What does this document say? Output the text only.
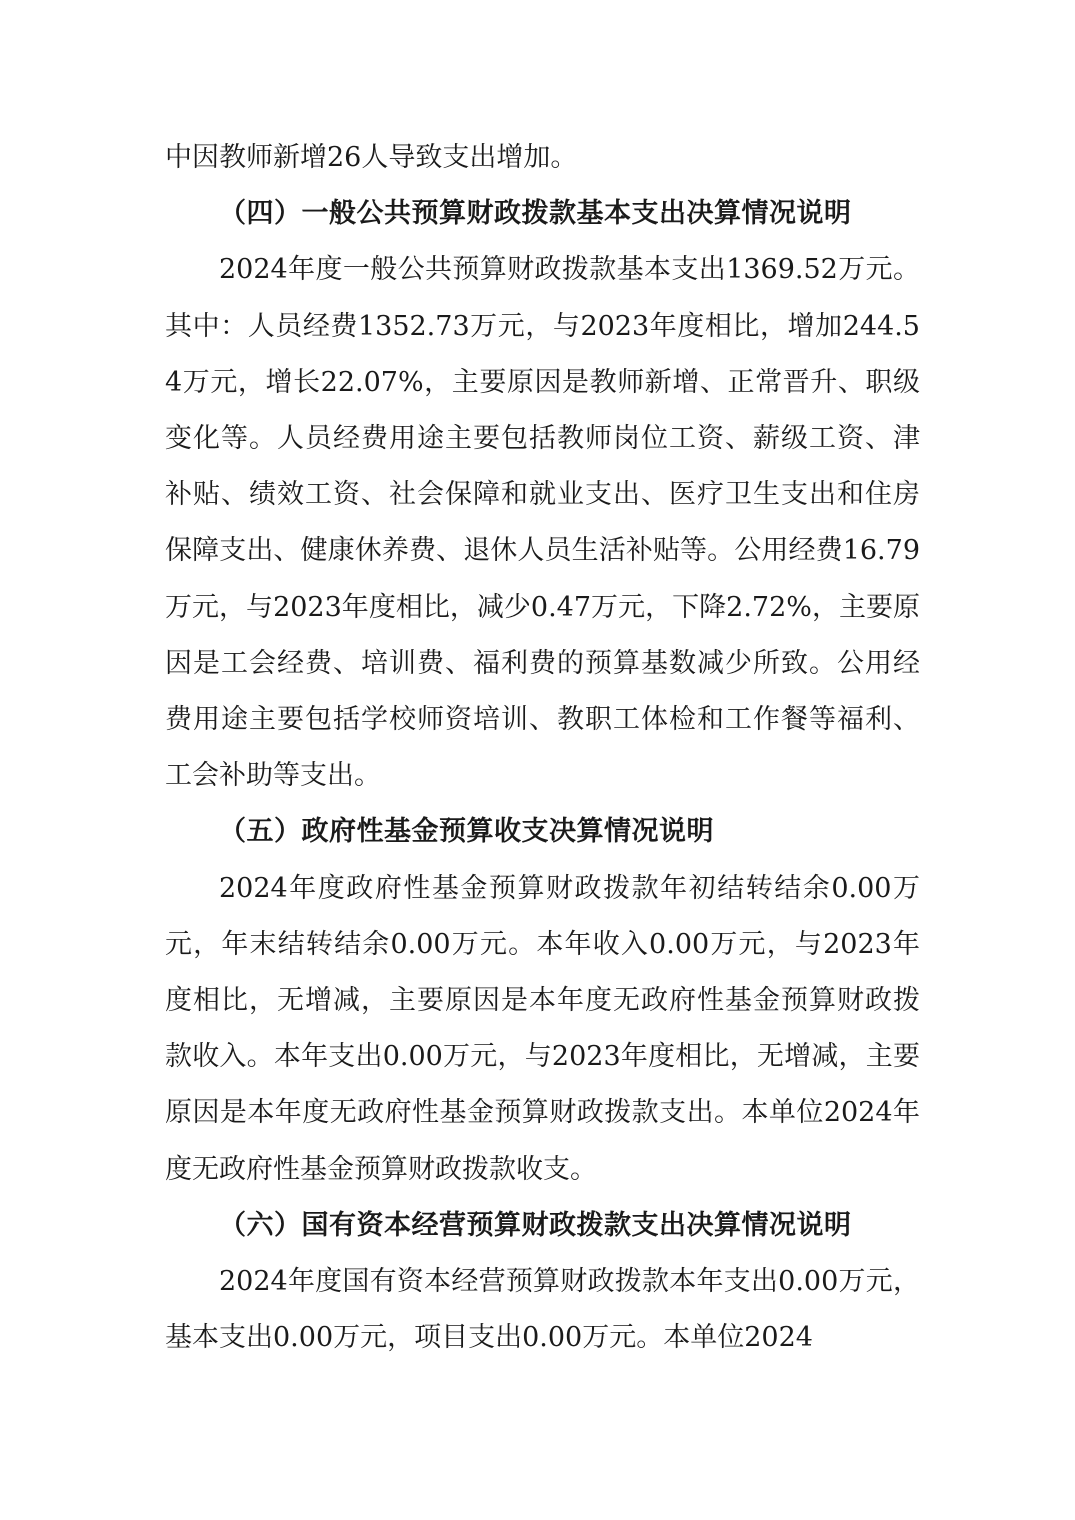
中因教师新增26人导致支出增加。

（四）一般公共预算财政拨款基本支出决算情况说明

2024年度一般公共预算财政拨款基本支出1369.52万元。其中：人员经费1352.73万元，与2023年度相比，增加244.54万元，增长22.07%，主要原因是教师新增、正常晋升、职级变化等。人员经费用途主要包括教师岗位工资、薪级工资、津补贴、绩效工资、社会保障和就业支出、医疗卫生支出和住房保障支出、健康休养费、退休人员生活补贴等。公用经费16.79万元，与2023年度相比，减少0.47万元，下降2.72%，主要原因是工会经费、培训费、福利费的预算基数减少所致。公用经费用途主要包括学校师资培训、教职工体检和工作餐等福利、工会补助等支出。

（五）政府性基金预算收支决算情况说明

2024年度政府性基金预算财政拨款年初结转结余0.00万元，年末结转结余0.00万元。本年收入0.00万元，与2023年度相比，无增减，主要原因是本年度无政府性基金预算财政拨款收入。本年支出0.00万元，与2023年度相比，无增减，主要原因是本年度无政府性基金预算财政拨款支出。本单位2024年度无政府性基金预算财政拨款收支。

（六）国有资本经营预算财政拨款支出决算情况说明

2024年度国有资本经营预算财政拨款本年支出0.00万元，基本支出0.00万元，项目支出0.00万元。本单位2024
